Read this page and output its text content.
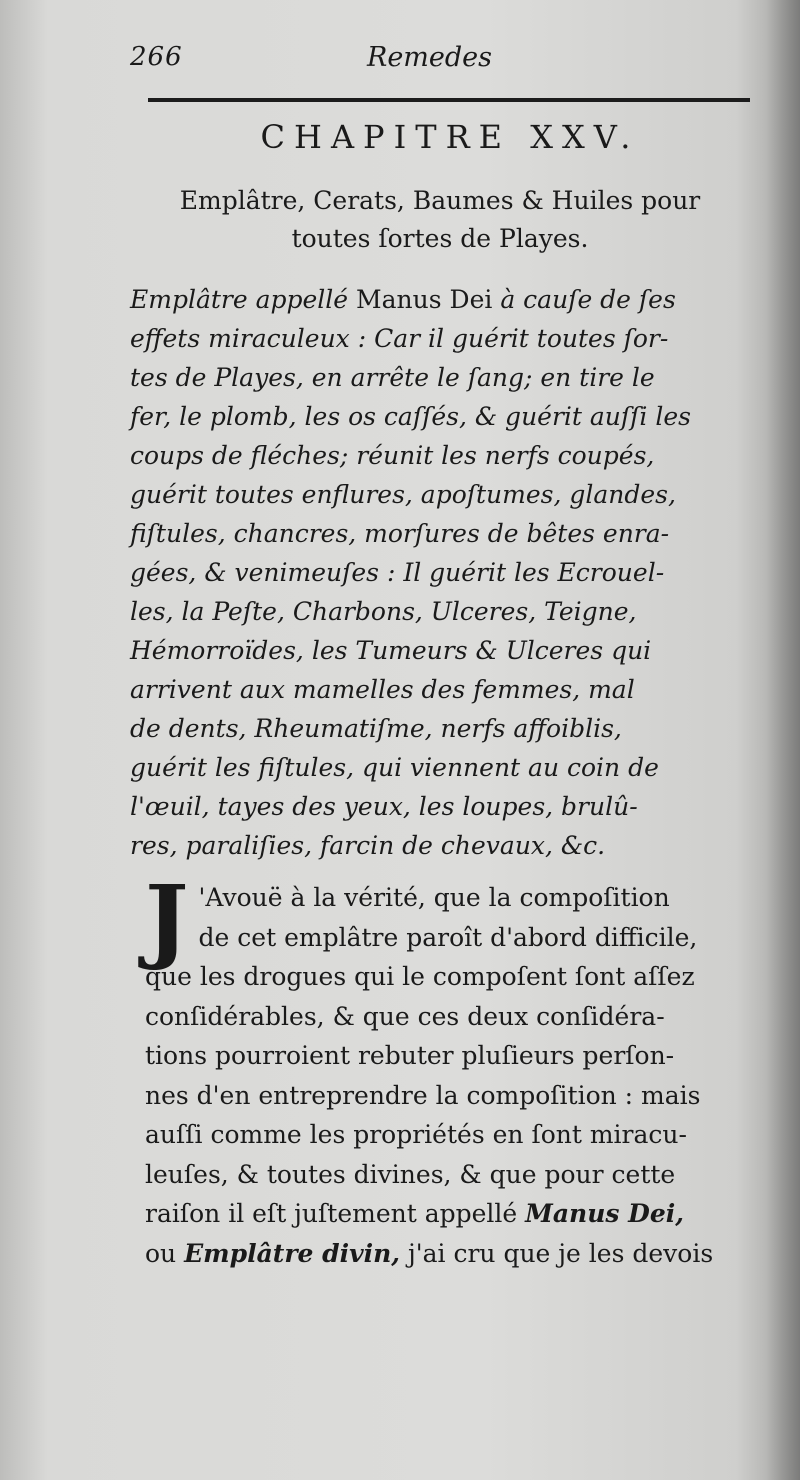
266	Remedes
CHAPITRE XXV.
Emplâtre, Cerats, Baumes & Huiles pour
toutes ſortes de Playes.
Emplâtre appellé Manus Dei à cauſe de ſes
effets miraculeux : Car il guérit toutes ſor-
tes de Playes, en arrête le ſang; en tire le
fer, le plomb, les os caſſés, & guérit auſſi les
coups de fléches; réunit les nerfs coupés,
guérit toutes enflures, apoſtumes, glandes,
fiſtules, chancres, morſures de bêtes enra-
gées, & venimeuſes : Il guérit les Ecrouel-
les, la Peſte, Charbons, Ulceres, Teigne,
Hémorroïdes, les Tumeurs & Ulceres qui
arrivent aux mamelles des femmes, mal
de dents, Rheumatiſme, nerfs affoiblis,
guérit les fiſtules, qui viennent au coin de
l'œuil, tayes des yeux, les loupes, brulû-
res, paraliſies, farcin de chevaux, &c.
J 'Avouë à la vérité, que la compoſition
de cet emplâtre paroît d'abord difficile,
que les drogues qui le compoſent ſont aſſez
conſidérables, & que ces deux conſidéra-
tions pourroient rebuter pluſieurs perſon-
nes d'en entreprendre la compoſition : mais
auſſi comme les propriétés en ſont miracu-
leuſes, & toutes divines, & que pour cette
raiſon il eſt juſtement appellé Manus Dei,
ou Emplâtre divin, j'ai cru que je les devois
